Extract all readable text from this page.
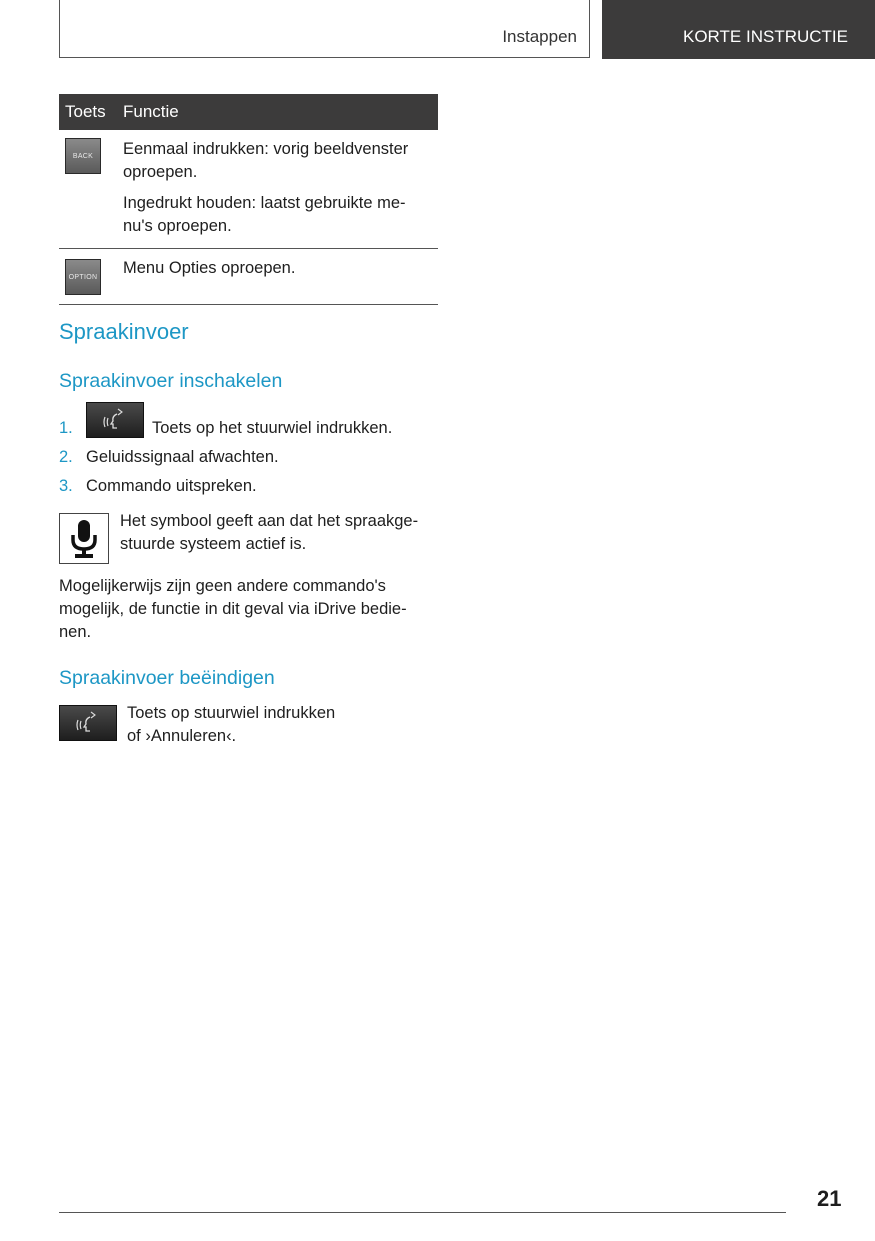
Instappen	KORTE INSTRUCTIE
Toets	Functie
BACK	Eenmaal indrukken: vorig beeldvenster oproepen.

Ingedrukt houden: laatst gebruikte me-nu's oproepen.

OPTION Menu Opties oproepen.

Spraakinvoer
Spraakinvoer inschakelen
1.	Toets op het stuurwiel indrukken.
2. Geluidssignaal afwachten.
3. Commando uitspreken.
Het symbool geeft aan dat het spraakge-stuurde systeem actief is.
Mogelijkerwijs zijn geen andere commando's mogelijk, de functie in dit geval via iDrive bedie-nen.
Spraakinvoer beëindigen
Toets op stuurwiel indrukken
of ›Annuleren‹.
21
